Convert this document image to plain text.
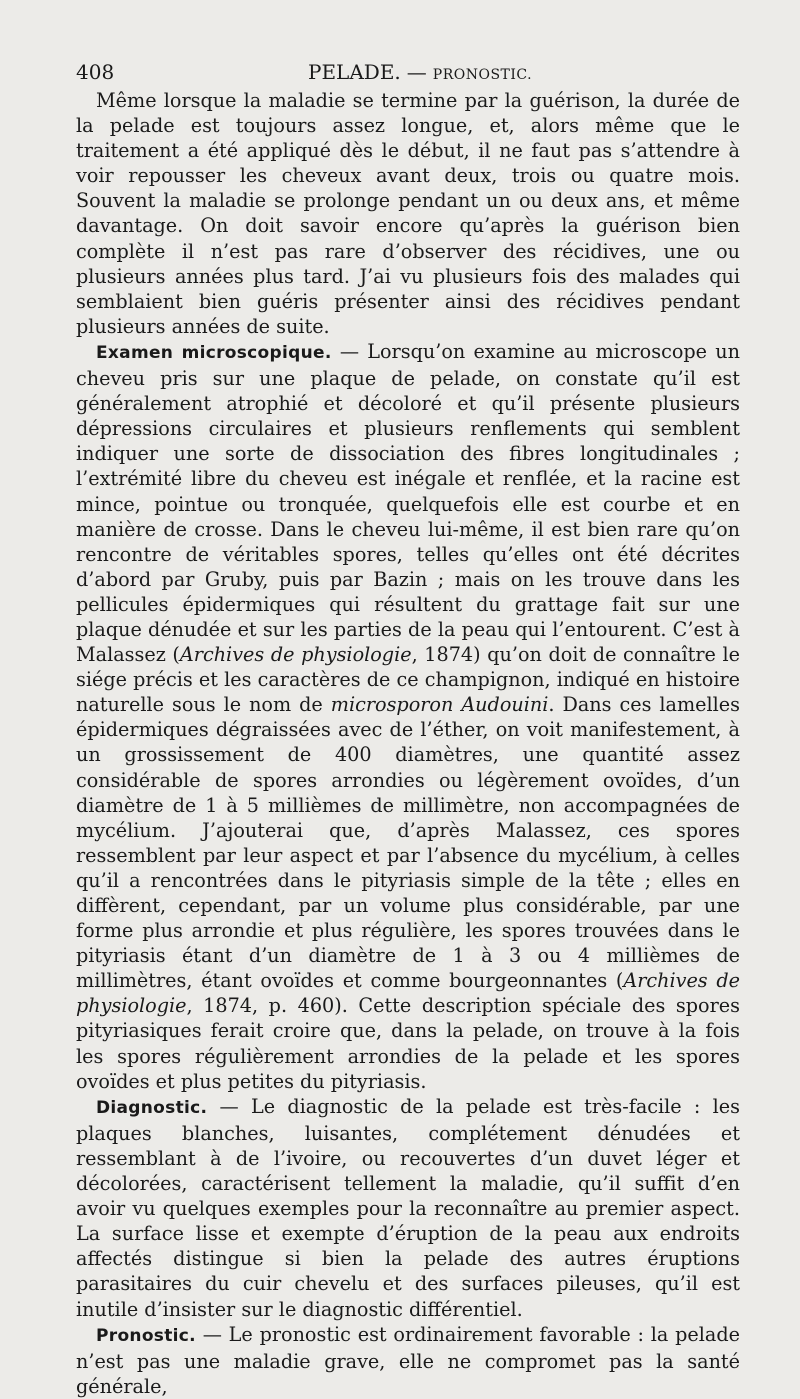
408	PELADE. — PRONOSTIC.

Même lorsque la maladie se termine par la guérison, la durée de la pelade est toujours assez longue, et, alors même que le traitement a été appliqué dès le début, il ne faut pas s’attendre à voir repousser les cheveux avant deux, trois ou quatre mois. Souvent la maladie se prolonge pendant un ou deux ans, et même davantage. On doit savoir encore qu’après la guérison bien complète il n’est pas rare d’observer des récidives, une ou plusieurs années plus tard. J’ai vu plusieurs fois des malades qui semblaient bien guéris présenter ainsi des récidives pendant plusieurs années de suite.

Examen microscopique. — Lorsqu’on examine au microscope un cheveu pris sur une plaque de pelade, on constate qu’il est généralement atrophié et décoloré et qu’il présente plusieurs dépressions circulaires et plusieurs renflements qui semblent indiquer une sorte de dissociation des fibres longitudinales ; l’extrémité libre du cheveu est inégale et renflée, et la racine est mince, pointue ou tronquée, quelquefois elle est courbe et en manière de crosse. Dans le cheveu lui-même, il est bien rare qu’on rencontre de véritables spores, telles qu’elles ont été décrites d’abord par Gruby, puis par Bazin ; mais on les trouve dans les pellicules épidermiques qui résultent du grattage fait sur une plaque dénudée et sur les parties de la peau qui l’entourent. C’est à Malassez (Archives de physiologie, 1874) qu’on doit de connaître le siége précis et les caractères de ce champignon, indiqué en histoire naturelle sous le nom de microsporon Audouini. Dans ces lamelles épidermiques dégraissées avec de l’éther, on voit manifestement, à un grossissement de 400 diamètres, une quantité assez considérable de spores arrondies ou légèrement ovoïdes, d’un diamètre de 1 à 5 millièmes de millimètre, non accompagnées de mycélium. J’ajouterai que, d’après Malassez, ces spores ressemblent par leur aspect et par l’absence du mycélium, à celles qu’il a rencontrées dans le pityriasis simple de la tête ; elles en diffèrent, cependant, par un volume plus considérable, par une forme plus arrondie et plus régulière, les spores trouvées dans le pityriasis étant d’un diamètre de 1 à 3 ou 4 millièmes de millimètres, étant ovoïdes et comme bourgeonnantes (Archives de physiologie, 1874, p. 460). Cette description spéciale des spores pityriasiques ferait croire que, dans la pelade, on trouve à la fois les spores régulièrement arrondies de la pelade et les spores ovoïdes et plus petites du pityriasis.

Diagnostic. — Le diagnostic de la pelade est très-facile : les plaques blanches, luisantes, complétement dénudées et ressemblant à de l’ivoire, ou recouvertes d’un duvet léger et décolorées, caractérisent tellement la maladie, qu’il suffit d’en avoir vu quelques exemples pour la reconnaître au premier aspect. La surface lisse et exempte d’éruption de la peau aux endroits affectés distingue si bien la pelade des autres éruptions parasitaires du cuir chevelu et des surfaces pileuses, qu’il est inutile d’insister sur le diagnostic différentiel.

Pronostic. — Le pronostic est ordinairement favorable : la pelade n’est pas une maladie grave, elle ne compromet pas la santé générale,
